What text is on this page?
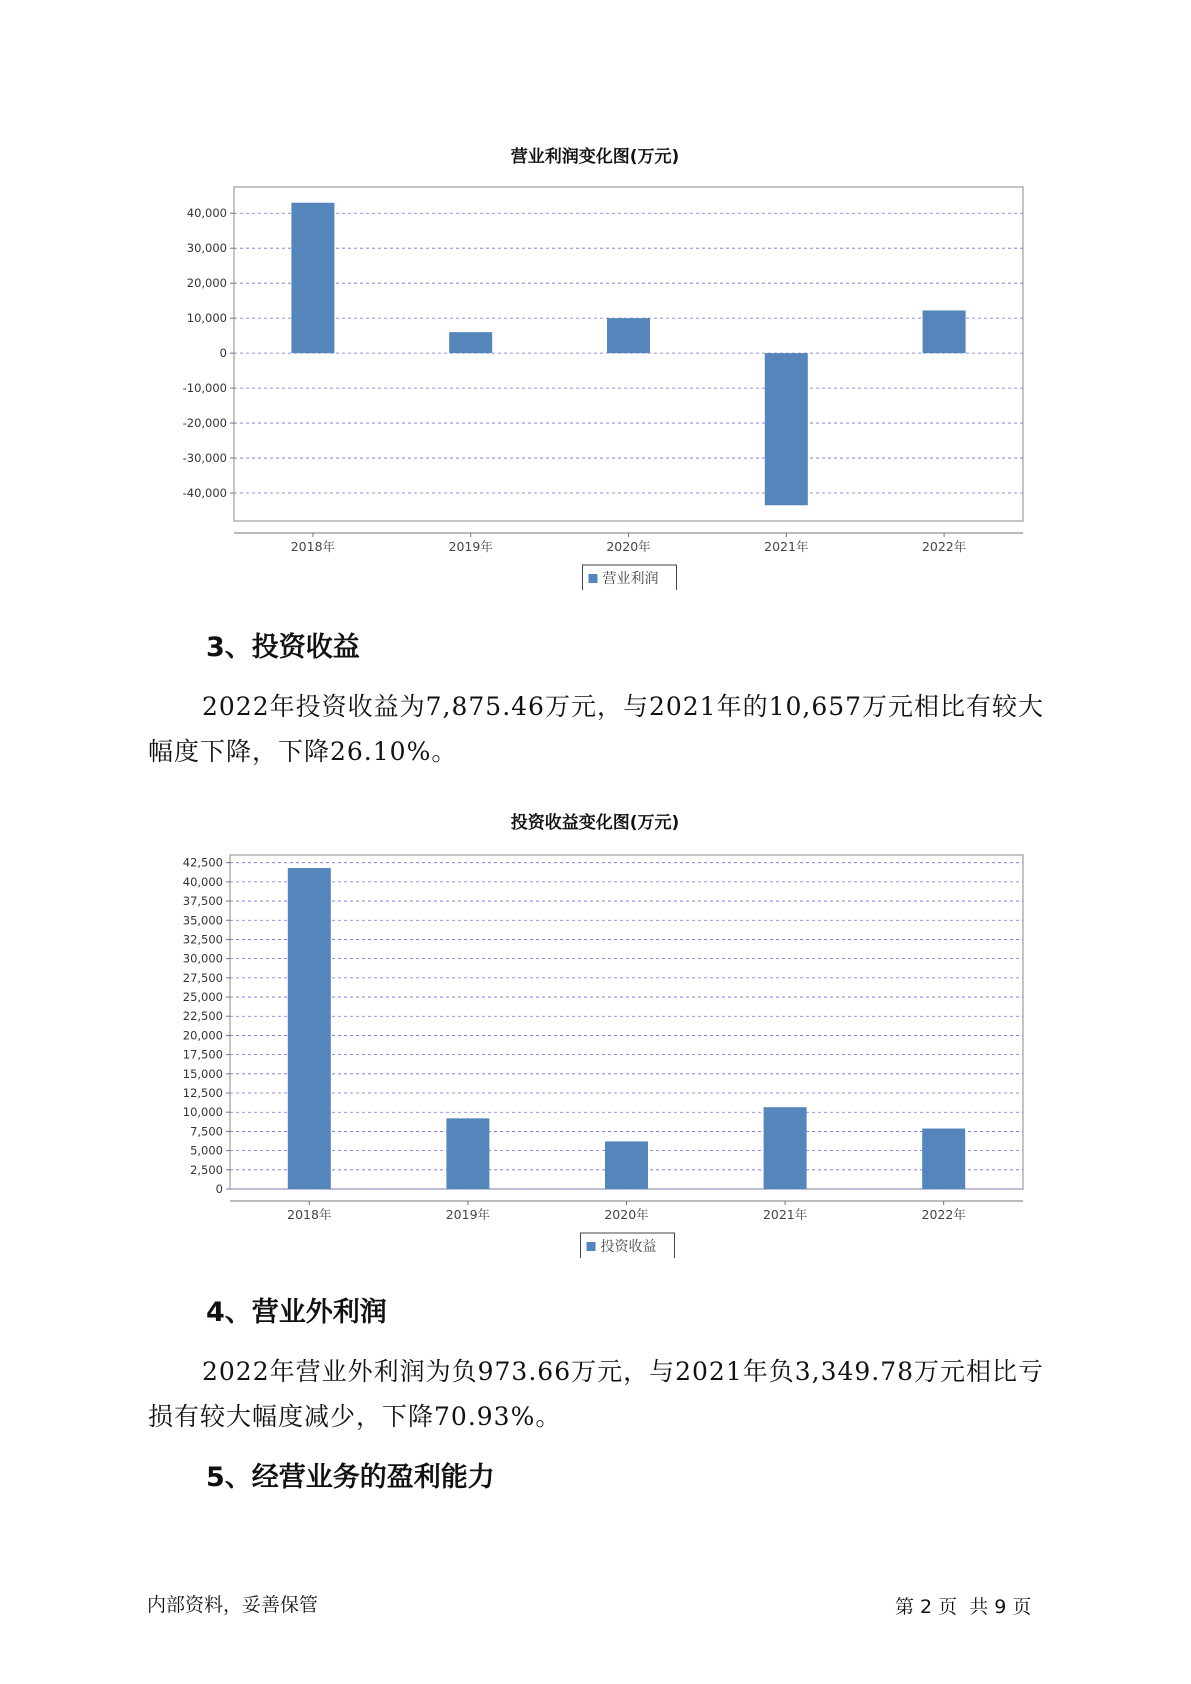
营业利润变化图(万元)
40,000
30,000
20,000
10,000
0
-10,000
-20,000
-30,000
-40,000
2018年	2019年	2020年	2021年	2022年
营业利润
3、投资收益
2022年投资收益为7,875.46万元，与2021年的10,657万元相比有较大
幅度下降，下降26.10%。
投资收益变化图(万元)
42,500
40,000
37,500
35,000
32,500
30,000
27,500
25,000
22,500
20,000
17,500
15,000
12,500
10,000
7,500
5,000
2,500
0
2018年	2019年	2020年	2021年	2022年
投资收益
4、营业外利润
2022年营业外利润为负973.66万元，与2021年负3,349.78万元相比亏
损有较大幅度减少，下降70.93%。
5、经营业务的盈利能力
内部资料，妥善保管	第 2 页  共 9 页
